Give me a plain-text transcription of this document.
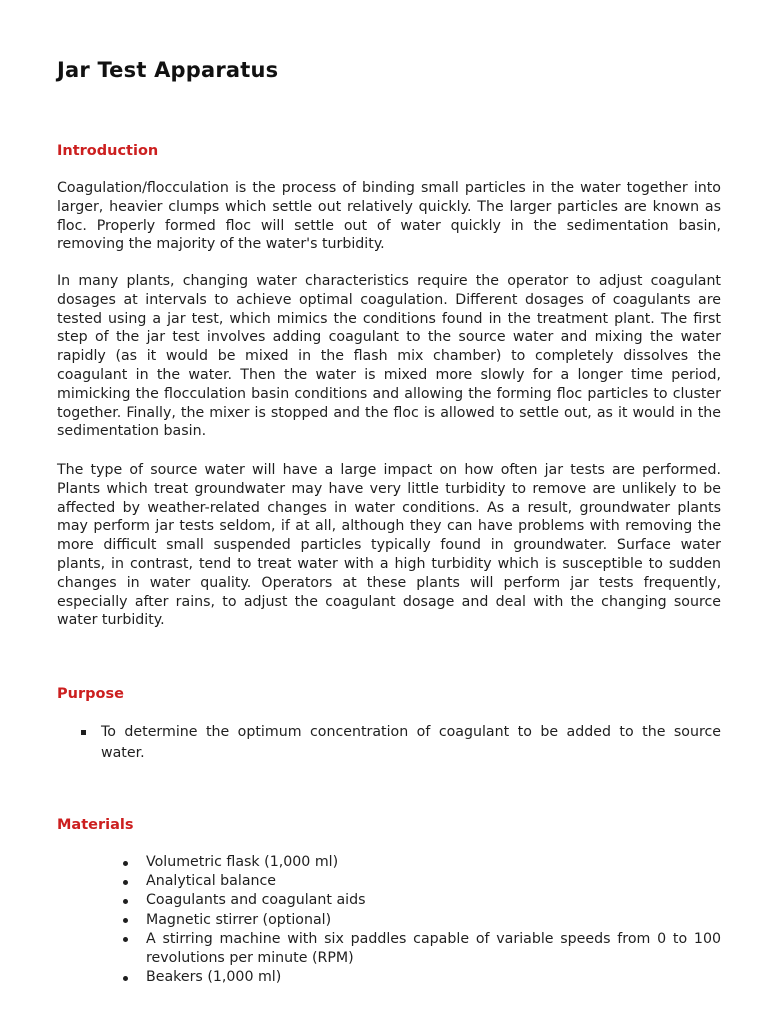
Jar Test Apparatus
Introduction

Coagulation/flocculation is the process of binding small particles in the water together into larger, heavier clumps which settle out relatively quickly. The larger particles are known as floc. Properly formed floc will settle out of water quickly in the sedimentation basin, removing the majority of the water's turbidity.

In many plants, changing water characteristics require the operator to adjust coagulant dosages at intervals to achieve optimal coagulation. Different dosages of coagulants are tested using a jar test, which mimics the conditions found in the treatment plant. The first step of the jar test involves adding coagulant to the source water and mixing the water rapidly (as it would be mixed in the flash mix chamber) to completely dissolves the coagulant in the water. Then the water is mixed more slowly for a longer time period, mimicking the flocculation basin conditions and allowing the forming floc particles to cluster together. Finally, the mixer is stopped and the floc is allowed to settle out, as it would in the sedimentation basin.

The type of source water will have a large impact on how often jar tests are performed. Plants which treat groundwater may have very little turbidity to remove are unlikely to be affected by weather-related changes in water conditions. As a result, groundwater plants may perform jar tests seldom, if at all, although they can have problems with removing the more difficult small suspended particles typically found in groundwater. Surface water plants, in contrast, tend to treat water with a high turbidity which is susceptible to sudden changes in water quality. Operators at these plants will perform jar tests frequently, especially after rains, to adjust the coagulant dosage and deal with the changing source water turbidity.

Purpose
To determine the optimum concentration of coagulant to be added to the source water.
Materials
Volumetric flask (1,000 ml)
Analytical balance
Coagulants and coagulant aids
Magnetic stirrer (optional)
A stirring machine with six paddles capable of variable speeds from 0 to 100 revolutions per minute (RPM)
Beakers (1,000 ml)
